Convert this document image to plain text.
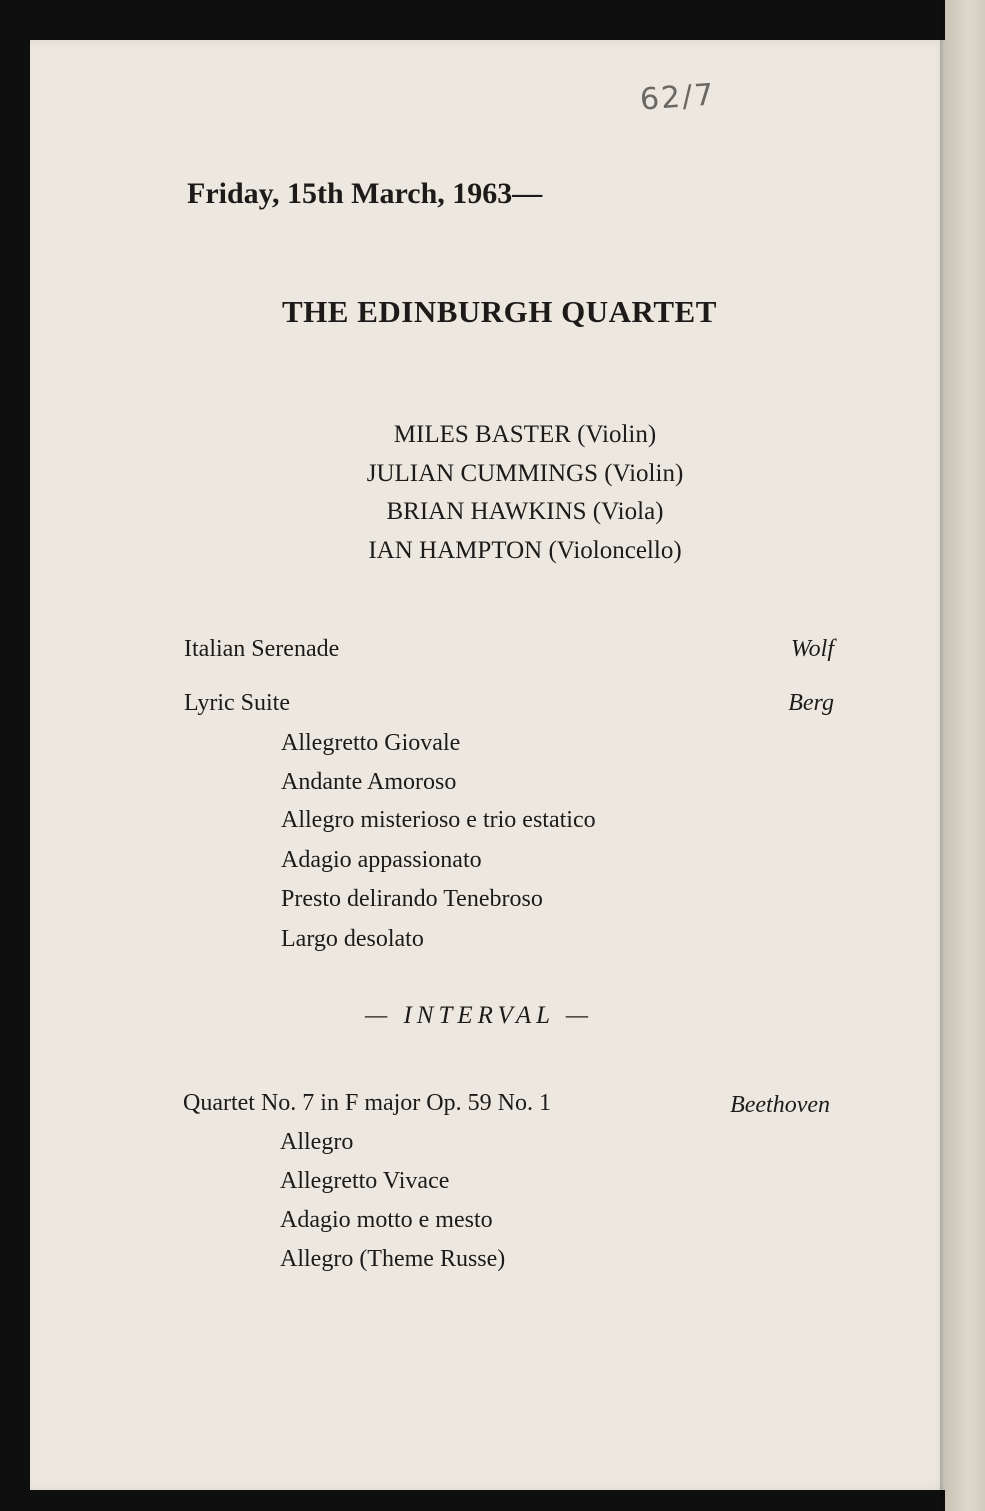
62/7
Friday, 15th March, 1963—
THE EDINBURGH QUARTET
MILES BASTER (Violin)
JULIAN CUMMINGS (Violin)
BRIAN HAWKINS (Viola)
IAN HAMPTON (Violoncello)
Italian Serenade	Wolf
Lyric Suite	Berg
Allegretto Giovale
Andante Amoroso
Allegro misterioso e trio estatico
Adagio appassionato
Presto delirando Tenebroso
Largo desolato
— INTERVAL —
Quartet No. 7 in F major Op. 59 No. 1	Beethoven
Allegro
Allegretto Vivace
Adagio motto e mesto
Allegro (Theme Russe)
